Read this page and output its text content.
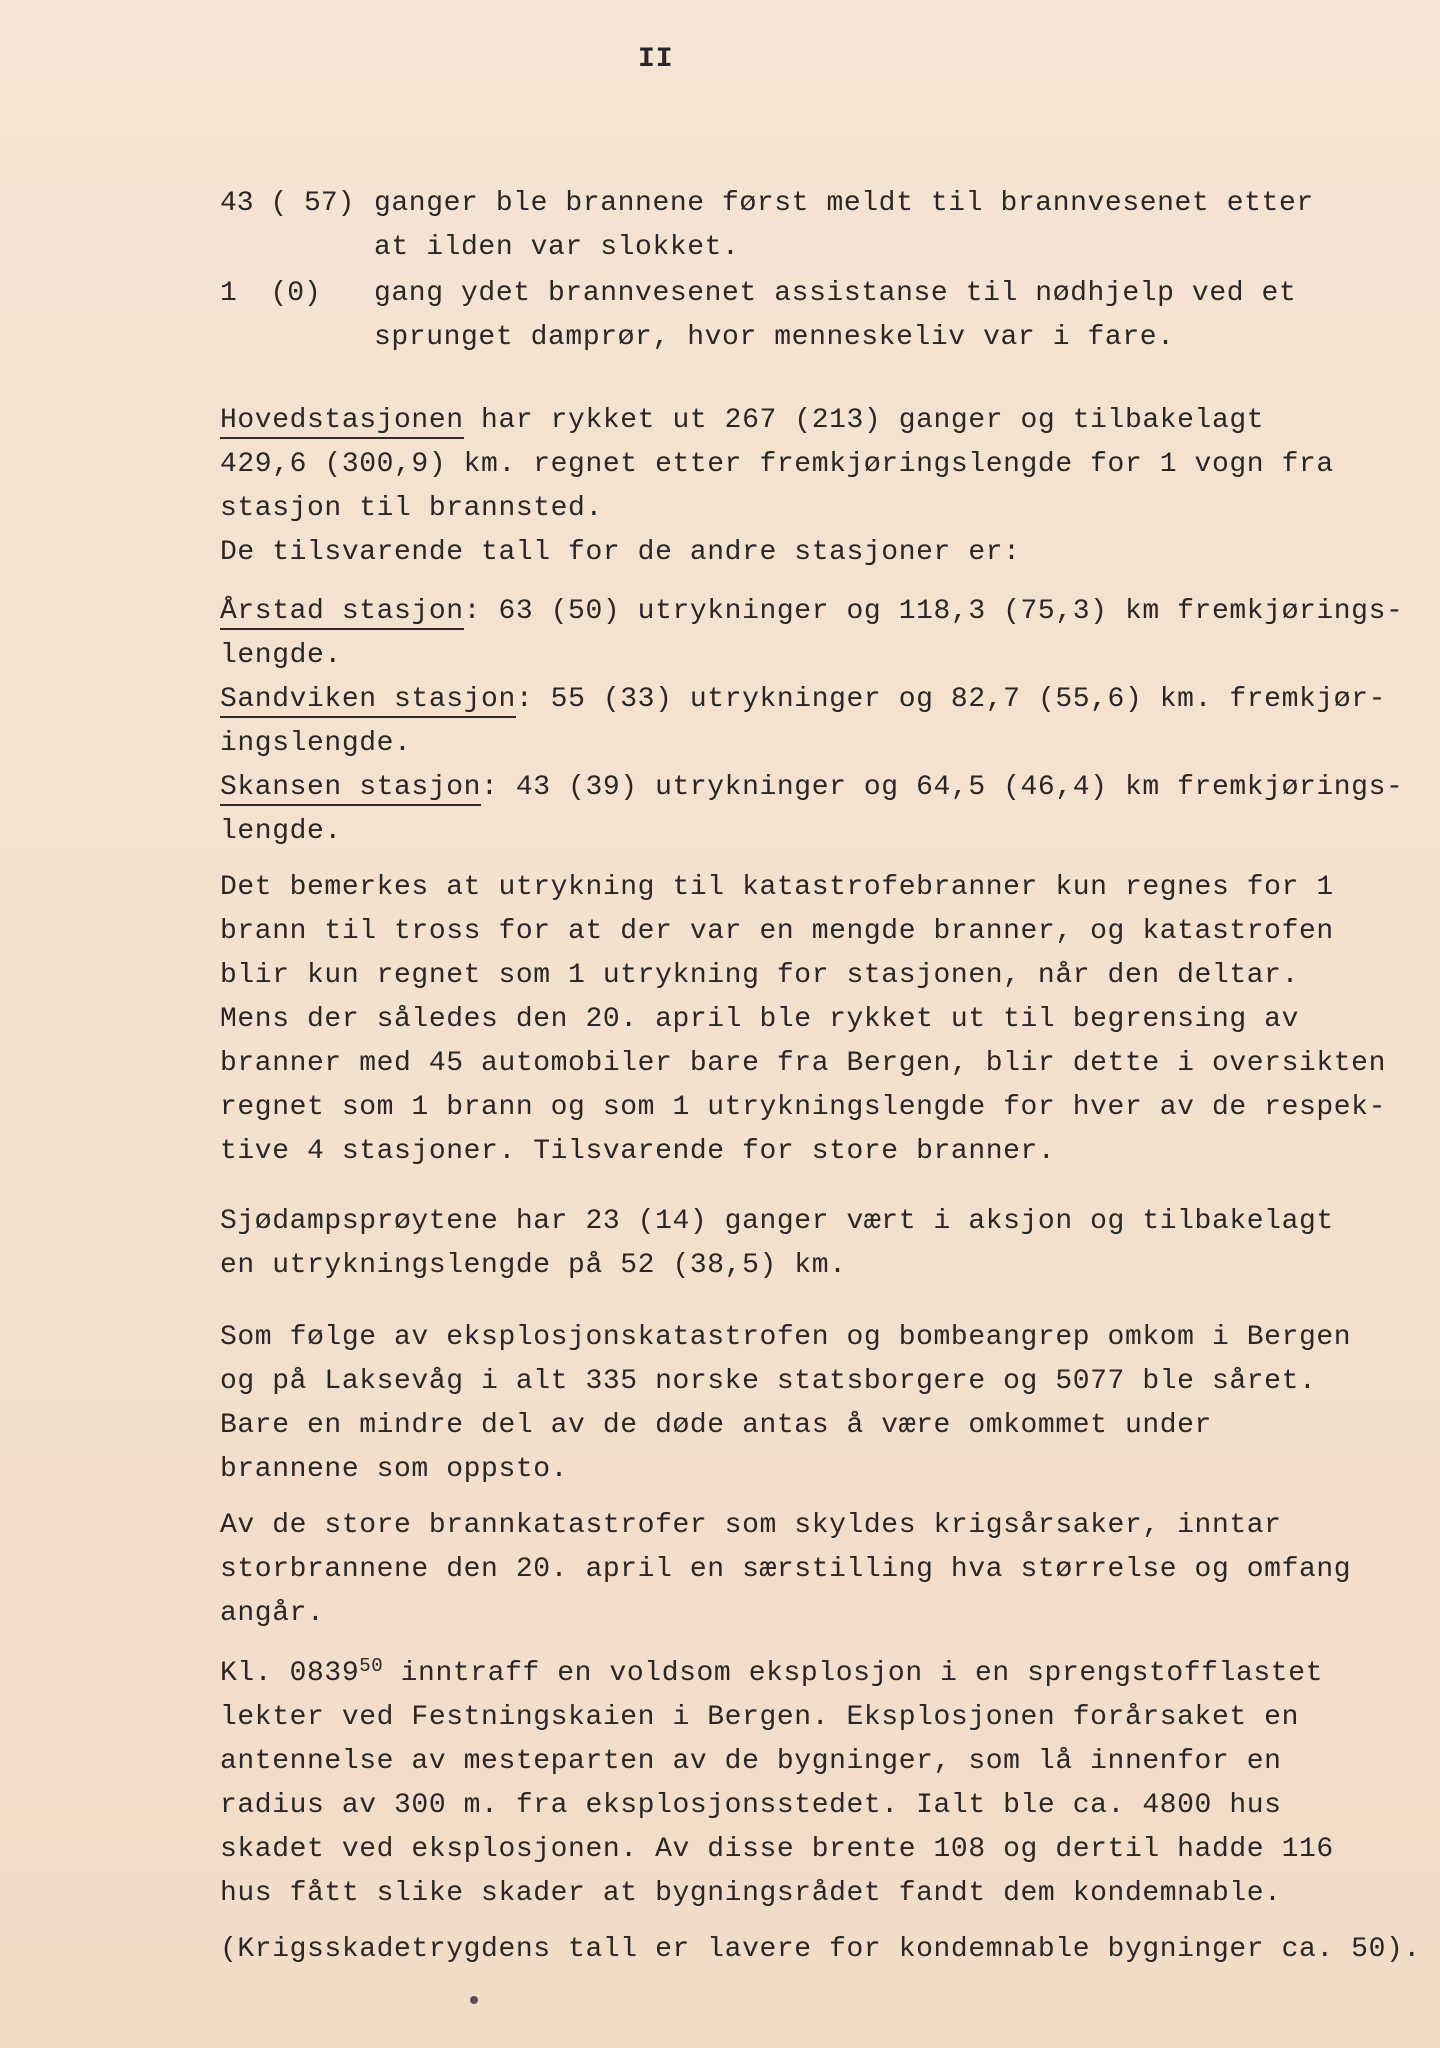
II
43 ( 57) ganger ble brannene først meldt til brannvesenet etter
at ilden var slokket.
1  (0) gang ydet brannvesenet assistanse til nødhjelp ved et
sprunget damprør, hvor menneskeliv var i fare.
Hovedstasjonen har rykket ut 267 (213) ganger og tilbakelagt
429,6 (300,9) km. regnet etter fremkjøringslengde for 1 vogn fra
stasjon til brannsted.
De tilsvarende tall for de andre stasjoner er:
Årstad stasjon: 63 (50) utrykninger og 118,3 (75,3) km fremkjørings-
lengde.
Sandviken stasjon: 55 (33) utrykninger og 82,7 (55,6) km. fremkjør-
ingslengde.
Skansen stasjon: 43 (39) utrykninger og 64,5 (46,4) km fremkjørings-
lengde.
Det bemerkes at utrykning til katastrofebranner kun regnes for 1
brann til tross for at der var en mengde branner, og katastrofen
blir kun regnet som 1 utrykning for stasjonen, når den deltar.
Mens der således den 20. april ble rykket ut til begrensing av
branner med 45 automobiler bare fra Bergen, blir dette i oversikten
regnet som 1 brann og som 1 utrykningslengde for hver av de respek-
tive 4 stasjoner. Tilsvarende for store branner.
Sjødampsprøytene har 23 (14) ganger vært i aksjon og tilbakelagt
en utrykningslengde på 52 (38,5) km.
Som følge av eksplosjonskatastrofen og bombeangrep omkom i Bergen
og på Laksevåg i alt 335 norske statsborgere og 5077 ble såret.
Bare en mindre del av de døde antas å være omkommet under
brannene som oppsto.
Av de store brannkatastrofer som skyldes krigsårsaker, inntar
storbrannene den 20. april en særstilling hva størrelse og omfang
angår.
Kl. 0839$^{50}$ inntraff en voldsom eksplosjon i en sprengstofflastet
lekter ved Festningskaien i Bergen. Eksplosjonen forårsaket en
antennelse av mesteparten av de bygninger, som lå innenfor en
radius av 300 m. fra eksplosjonsstedet. Ialt ble ca. 4800 hus
skadet ved eksplosjonen. Av disse brente 108 og dertil hadde 116
hus fått slike skader at bygningsrådet fandt dem kondemnable.
(Krigsskadetrygdens tall er lavere for kondemnable bygninger ca. 50).
